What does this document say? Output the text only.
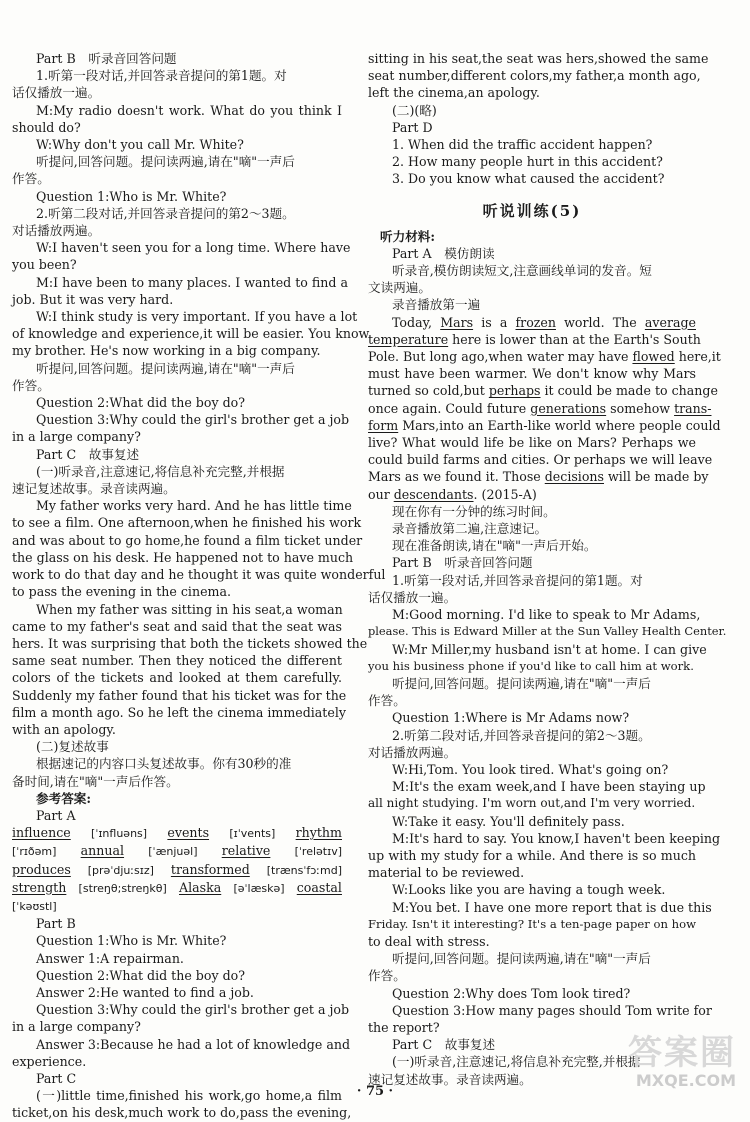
Part B　听录音回答问题
1.听第一段对话,并回答录音提问的第1题。对
话仅播放一遍。
M:My radio doesn't work. What do you think I
should do?
W:Why don't you call Mr. White?
听提问,回答问题。提问读两遍,请在"嘀"一声后
作答。
Question 1:Who is Mr. White?
2.听第二段对话,并回答录音提问的第2～3题。
对话播放两遍。
W:I haven't seen you for a long time. Where have
you been?
M:I have been to many places. I wanted to find a
job. But it was very hard.
W:I think study is very important. If you have a lot
of knowledge and experience,it will be easier. You know
my brother. He's now working in a big company.
听提问,回答问题。提问读两遍,请在"嘀"一声后
作答。
Question 2:What did the boy do?
Question 3:Why could the girl's brother get a job
in a large company?
Part C　故事复述
(一)听录音,注意速记,将信息补充完整,并根据
速记复述故事。录音读两遍。
My father works very hard. And he has little time
to see a film. One afternoon,when he finished his work
and was about to go home,he found a film ticket under
the glass on his desk. He happened not to have much
work to do that day and he thought it was quite wonderful
to pass the evening in the cinema.
When my father was sitting in his seat,a woman
came to my father's seat and said that the seat was
hers. It was surprising that both the tickets showed the
same seat number. Then they noticed the different
colors of the tickets and looked at them carefully.
Suddenly my father found that his ticket was for the
film a month ago. So he left the cinema immediately
with an apology.
(二)复述故事
根据速记的内容口头复述故事。你有30秒的准
备时间,请在"嘀"一声后作答。
参考答案:
Part A
influence [ˈɪnfluəns] events [ɪˈvents] rhythm
[ˈrɪðəm] annual [ˈænjuəl] relative [ˈrelətɪv]
produces [prəˈdjuːsɪz] transformed [trænsˈfɔːmd]
strength [streŋθ;streŋkθ] Alaska [əˈlæskə] coastal
[ˈkəʊstl]
Part B
Question 1:Who is Mr. White?
Answer 1:A repairman.
Question 2:What did the boy do?
Answer 2:He wanted to find a job.
Question 3:Why could the girl's brother get a job
in a large company?
Answer 3:Because he had a lot of knowledge and
experience.
Part C
(一)little time,finished his work,go home,a film
ticket,on his desk,much work to do,pass the evening,
sitting in his seat,the seat was hers,showed the same
seat number,different colors,my father,a month ago,
left the cinema,an apology.
(二)(略)
Part D
1. When did the traffic accident happen?
2. How many people hurt in this accident?
3. Do you know what caused the accident?
听说训练(5)
听力材料:
Part A　模仿朗读
听录音,模仿朗读短文,注意画线单词的发音。短
文读两遍。
录音播放第一遍
Today, Mars is a frozen world. The average
temperature here is lower than at the Earth's South
Pole. But long ago,when water may have flowed here,it
must have been warmer. We don't know why Mars
turned so cold,but perhaps it could be made to change
once again. Could future generations somehow trans-
form Mars,into an Earth-like world where people could
live? What would life be like on Mars? Perhaps we
could build farms and cities. Or perhaps we will leave
Mars as we found it. Those decisions will be made by
our descendants. (2015-A)
现在你有一分钟的练习时间。
录音播放第二遍,注意速记。
现在准备朗读,请在"嘀"一声后开始。
Part B　听录音回答问题
1.听第一段对话,并回答录音提问的第1题。对
话仅播放一遍。
M:Good morning. I'd like to speak to Mr Adams,
please. This is Edward Miller at the Sun Valley Health Center.
W:Mr Miller,my husband isn't at home. I can give
you his business phone if you'd like to call him at work.
听提问,回答问题。提问读两遍,请在"嘀"一声后
作答。
Question 1:Where is Mr Adams now?
2.听第二段对话,并回答录音提问的第2～3题。
对话播放两遍。
W:Hi,Tom. You look tired. What's going on?
M:It's the exam week,and I have been staying up
all night studying. I'm worn out,and I'm very worried.
W:Take it easy. You'll definitely pass.
M:It's hard to say. You know,I haven't been keeping
up with my study for a while. And there is so much
material to be reviewed.
W:Looks like you are having a tough week.
M:You bet. I have one more report that is due this
Friday. Isn't it interesting? It's a ten-page paper on how
to deal with stress.
听提问,回答问题。提问读两遍,请在"嘀"一声后
作答。
Question 2:Why does Tom look tired?
Question 3:How many pages should Tom write for
the report?
Part C　故事复述
(一)听录音,注意速记,将信息补充完整,并根据
速记复述故事。录音读两遍。
· 75 ·
答案圈
MXQE.COM
